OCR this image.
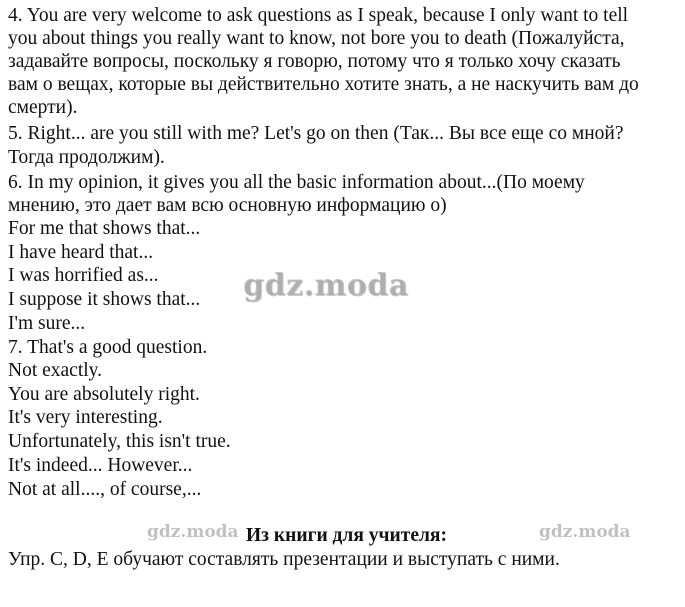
4. You are very welcome to ask questions as I speak, because I only want to tell
you about things you really want to know, not bore you to death (Пожалуйста,
задавайте вопросы, поскольку я говорю, потому что я только хочу сказать
вам о вещах, которые вы действительно хотите знать, а не наскучить вам до
смерти).
5. Right... are you still with me? Let's go on then (Так... Вы все еще со мной?
Тогда продолжим).
6. In my opinion, it gives you all the basic information about...(По моему
мнению, это дает вам всю основную информацию о)
For me that shows that...
I have heard that...
I was horrified as...
I suppose it shows that...
I'm sure...
7. That's a good question.
Not exactly.
You are absolutely right.
It's very interesting.
Unfortunately, this isn't true.
It's indeed... However...
Not at all...., of course,...
gdz.moda
gdz.moda Из книги для учителя:	gdz.moda
Упр. С, D, E обучают составлять презентации и выступать с ними.
